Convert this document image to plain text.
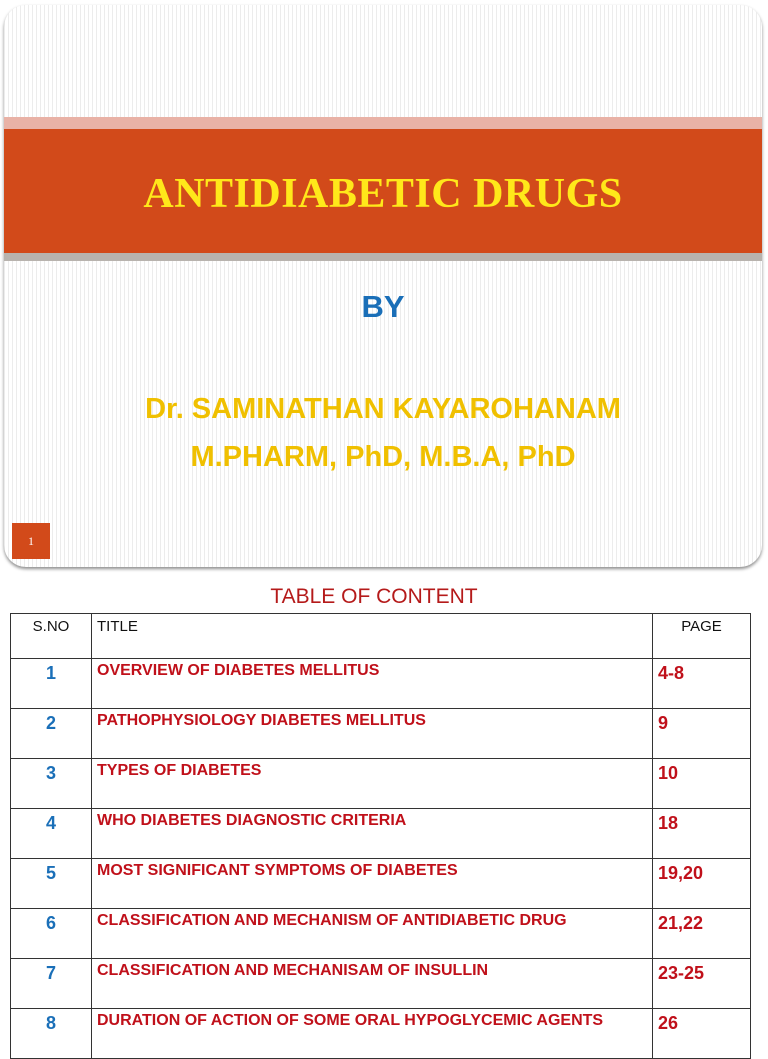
ANTIDIABETIC DRUGS
BY
Dr. SAMINATHAN KAYAROHANAM
M.PHARM, PhD, M.B.A, PhD
1
TABLE OF CONTENT
S.NO	TITLE	PAGE
1	OVERVIEW OF DIABETES MELLITUS	4-8
2	PATHOPHYSIOLOGY DIABETES MELLITUS	9
3	TYPES OF DIABETES	10
4	WHO DIABETES DIAGNOSTIC CRITERIA	18
5	MOST SIGNIFICANT SYMPTOMS OF DIABETES	19,20
6	CLASSIFICATION AND MECHANISM OF ANTIDIABETIC DRUG	21,22
7	CLASSIFICATION AND MECHANISAM OF INSULLIN	23-25
8	DURATION OF ACTION OF SOME ORAL HYPOGLYCEMIC AGENTS	26
